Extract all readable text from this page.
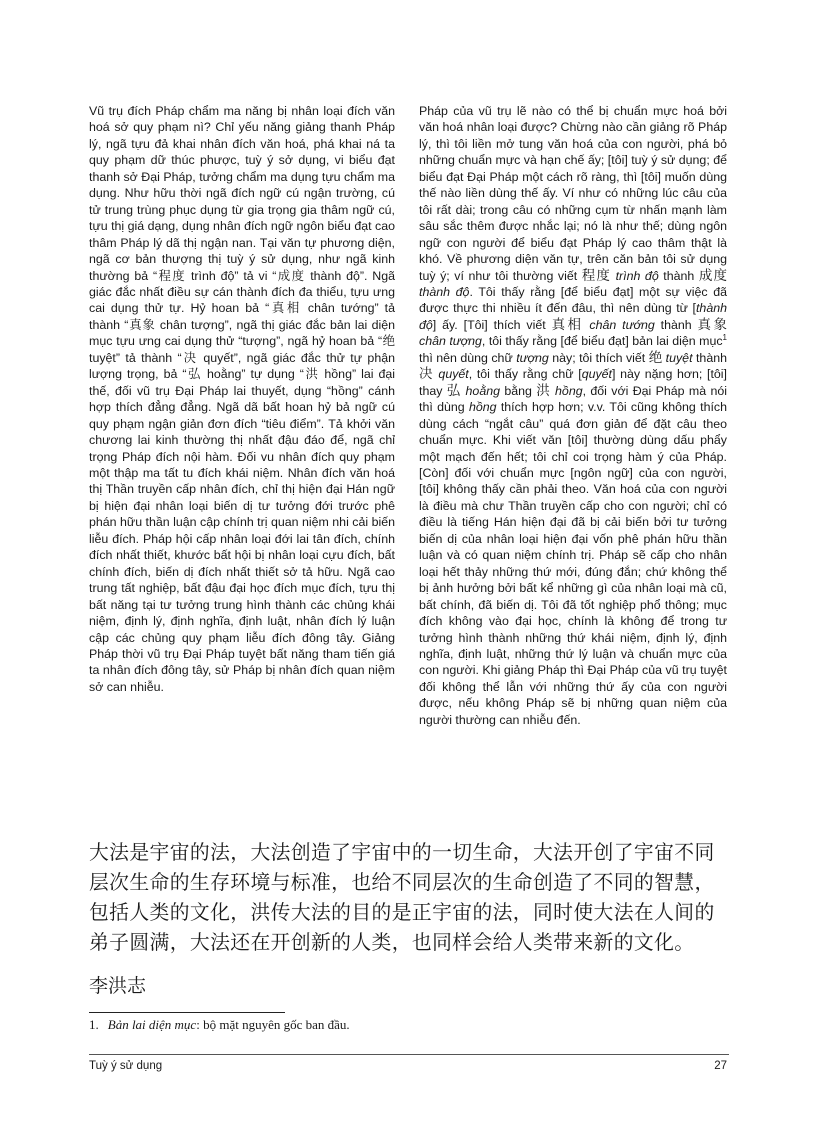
Vũ trụ đích Pháp chẩm ma năng bị nhân loại đích văn hoá sở quy phạm nì? Chỉ yếu năng giảng thanh Pháp lý, ngã tựu đả khai nhân đích văn hoá, phá khai ná ta quy phạm dữ thúc phược, tuỳ ý sở dụng, vi biểu đạt thanh sở Đại Pháp, tưởng chẩm ma dụng tựu chẩm ma dụng. Như hữu thời ngã đích ngữ cú ngận trường, cú tử trung trùng phục dụng từ gia trọng gia thâm ngữ cú, tựu thị giá dạng, dụng nhân đích ngữ ngôn biểu đạt cao thâm Pháp lý dã thị ngận nan. Tại văn tự phương diện, ngã cơ bản thượng thị tuỳ ý sử dụng, như ngã kinh thường bả “程度 trình độ” tả vi “成度 thành độ”. Ngã giác đắc nhất điều sự cán thành đích đa thiểu, tựu ưng cai dụng thử tự. Hỷ hoan bả “真相 chân tướng” tả thành “真象 chân tượng”, ngã thị giác đắc bản lai diện mục tựu ưng cai dụng thử “tượng”, ngã hỷ hoan bả “绝 tuyệt” tả thành “决 quyết”, ngã giác đắc thử tự phận lượng trọng, bả “弘 hoằng” tự dụng “洪 hồng” lai đại thế, đối vũ trụ Đại Pháp lai thuyết, dụng “hồng” cánh hợp thích đẳng đẳng. Ngã dã bất hoan hỷ bả ngữ cú quy phạm ngận giản đơn đích “tiêu điểm”. Tả khởi văn chương lai kinh thường thị nhất đậu đáo để, ngã chỉ trọng Pháp đích nội hàm. Đối vu nhân đích quy phạm một thập ma tất tu đích khái niệm. Nhân đích văn hoá thị Thần truyền cấp nhân đích, chỉ thị hiện đại Hán ngữ bị hiện đại nhân loại biến dị tư tưởng đới trước phê phán hữu thần luận cập chính trị quan niệm nhi cải biến liễu đích. Pháp hội cấp nhân loại đới lai tân đích, chính đích nhất thiết, khước bất hội bị nhân loại cựu đích, bất chính đích, biến dị đích nhất thiết sở tả hữu. Ngã cao trung tất nghiệp, bất đậu đại học đích mục đích, tựu thị bất năng tại tư tưởng trung hình thành các chủng khái niệm, định lý, định nghĩa, định luật, nhân đích lý luận cập các chủng quy phạm liễu đích đông tây. Giảng Pháp thời vũ trụ Đại Pháp tuyệt bất năng tham tiến giá ta nhân đích đông tây, sử Pháp bị nhân đích quan niệm sở can nhiễu.

Pháp của vũ trụ lẽ nào có thể bị chuẩn mực hoá bởi văn hoá nhân loại được? Chừng nào cần giảng rõ Pháp lý, thì tôi liền mở tung văn hoá của con người, phá bỏ những chuẩn mực và hạn chế ấy; [tôi] tuỳ ý sử dụng; để biểu đạt Đại Pháp một cách rõ ràng, thì [tôi] muốn dùng thế nào liền dùng thế ấy. Ví như có những lúc câu của tôi rất dài; trong câu có những cụm từ nhấn mạnh làm sâu sắc thêm được nhắc lại; nó là như thế; dùng ngôn ngữ con người để biểu đạt Pháp lý cao thâm thật là khó. Về phương diện văn tự, trên căn bản tôi sử dụng tuỳ ý; ví như tôi thường viết 程度 trình độ thành 成度 thành độ. Tôi thấy rằng [để biểu đạt] một sự việc đã được thực thi nhiều ít đến đâu, thì nên dùng từ [thành độ] ấy. [Tôi] thích viết 真相 chân tướng thành 真象 chân tượng, tôi thấy rằng [để biểu đạt] bản lai diện mục$^1$ thì nên dùng chữ tượng này; tôi thích viết 绝 tuyệt thành 决 quyết, tôi thấy rằng chữ [quyết] này nặng hơn; [tôi] thay 弘 hoằng bằng 洪 hồng, đối với Đại Pháp mà nói thì dùng hồng thích hợp hơn; v.v. Tôi cũng không thích dùng cách “ngắt câu” quá đơn giản để đặt câu theo chuẩn mực. Khi viết văn [tôi] thường dùng dấu phẩy một mạch đến hết; tôi chỉ coi trọng hàm ý của Pháp. [Còn] đối với chuẩn mực [ngôn ngữ] của con người, [tôi] không thấy cần phải theo. Văn hoá của con người là điều mà chư Thần truyền cấp cho con người; chỉ có điều là tiếng Hán hiện đại đã bị cải biến bởi tư tưởng biến dị của nhân loại hiện đại vốn phê phán hữu thần luận và có quan niệm chính trị. Pháp sẽ cấp cho nhân loại hết thảy những thứ mới, đúng đắn; chứ không thể bị ảnh hưởng bởi bất kể những gì của nhân loại mà cũ, bất chính, đã biến dị. Tôi đã tốt nghiệp phổ thông; mục đích không vào đại học, chính là không để trong tư tưởng hình thành những thứ khái niệm, định lý, định nghĩa, định luật, những thứ lý luận và chuẩn mực của con người. Khi giảng Pháp thì Đại Pháp của vũ trụ tuyệt đối không thể lẫn với những thứ ấy của con người được, nếu không Pháp sẽ bị những quan niệm của người thường can nhiễu đến.

大法是宇宙的法，大法创造了宇宙中的一切生命，大法开创了宇宙不同层次生命的生存环境与标准，也给不同层次的生命创造了不同的智慧，包括人类的文化，洪传大法的目的是正宇宙的法，同时使大法在人间的弟子圆满，大法还在开创新的人类，也同样会给人类带来新的文化。

李洪志
1. Bản lai diện mục: bộ mặt nguyên gốc ban đầu.
Tuỳ ý sử dụng	27
